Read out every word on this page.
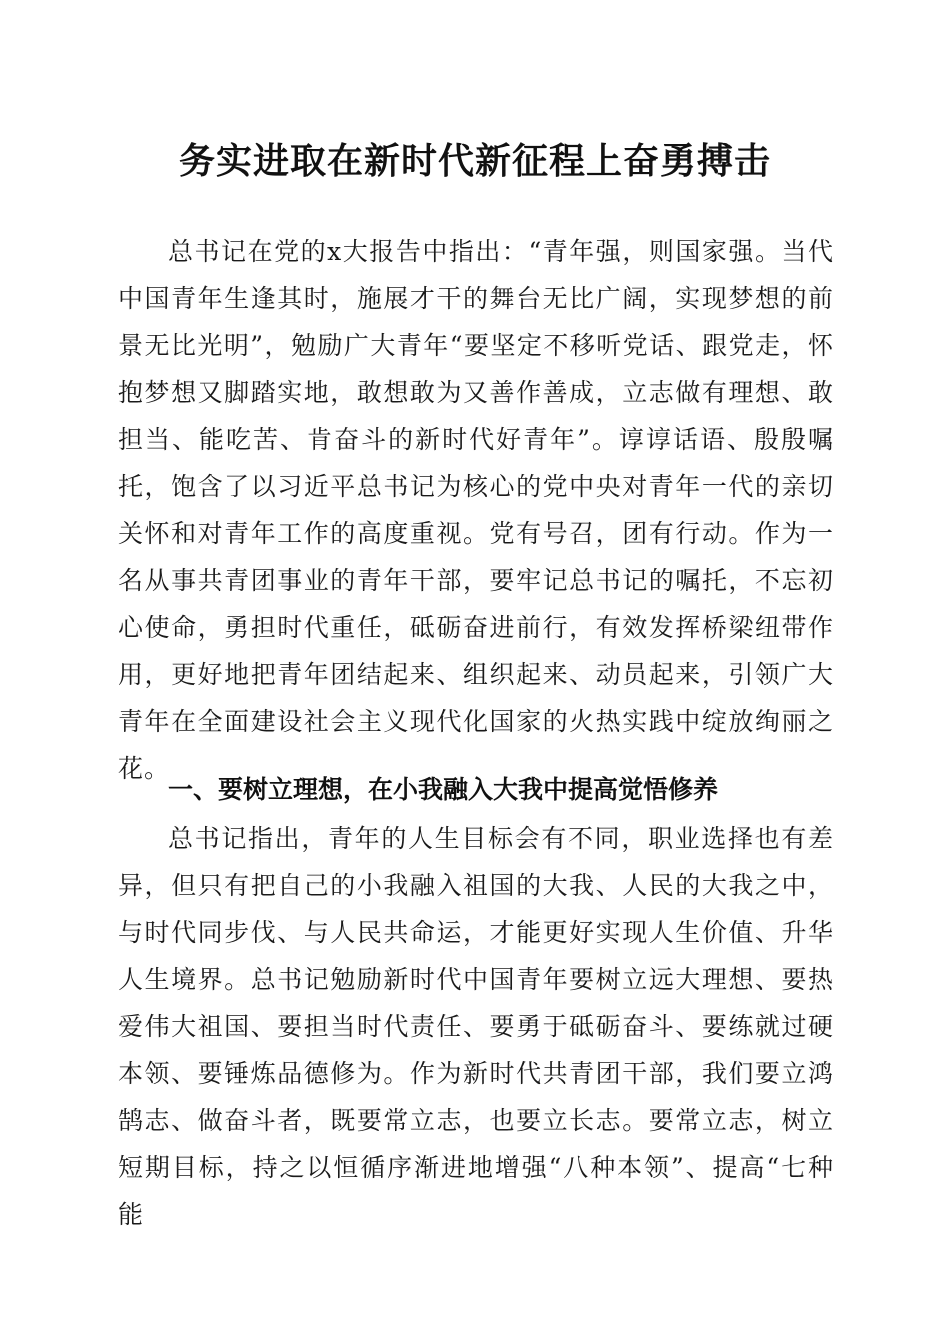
务实进取在新时代新征程上奋勇搏击

总书记在党的x大报告中指出：“青年强，则国家强。当代中国青年生逢其时，施展才干的舞台无比广阔，实现梦想的前景无比光明”，勉励广大青年“要坚定不移听党话、跟党走，怀抱梦想又脚踏实地，敢想敢为又善作善成，立志做有理想、敢担当、能吃苦、肯奋斗的新时代好青年”。谆谆话语、殷殷嘱托，饱含了以习近平总书记为核心的党中央对青年一代的亲切关怀和对青年工作的高度重视。党有号召，团有行动。作为一名从事共青团事业的青年干部，要牢记总书记的嘱托，不忘初心使命，勇担时代重任，砥砺奋进前行，有效发挥桥梁纽带作用，更好地把青年团结起来、组织起来、动员起来，引领广大青年在全面建设社会主义现代化国家的火热实践中绽放绚丽之花。

一、要树立理想，在小我融入大我中提高觉悟修养

总书记指出，青年的人生目标会有不同，职业选择也有差异，但只有把自己的小我融入祖国的大我、人民的大我之中，与时代同步伐、与人民共命运，才能更好实现人生价值、升华人生境界。总书记勉励新时代中国青年要树立远大理想、要热爱伟大祖国、要担当时代责任、要勇于砥砺奋斗、要练就过硬本领、要锤炼品德修为。作为新时代共青团干部，我们要立鸿鹄志、做奋斗者，既要常立志，也要立长志。要常立志，树立短期目标，持之以恒循序渐进地增强“八种本领”、提高“七种能
